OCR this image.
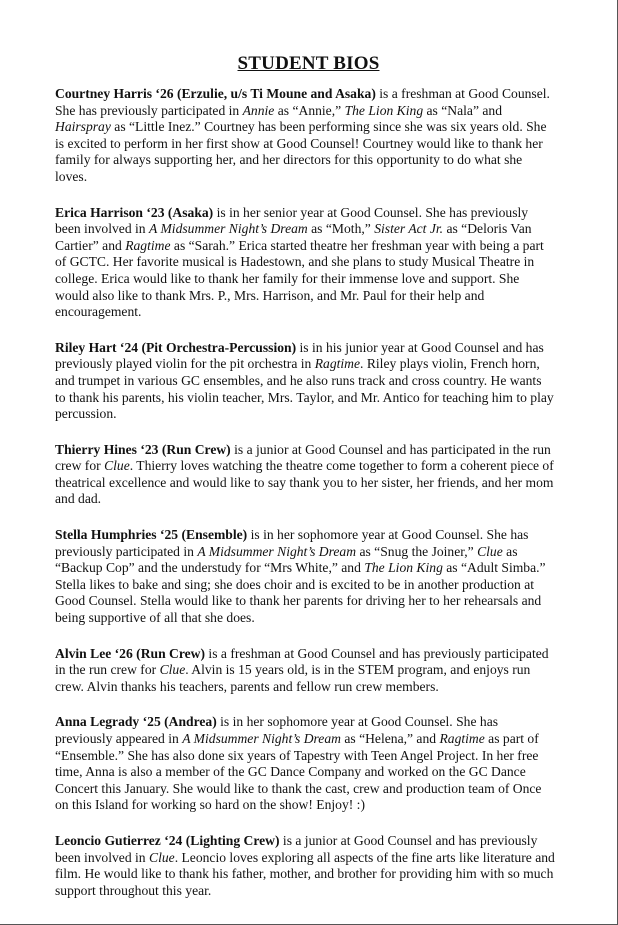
STUDENT BIOS

Courtney Harris ‘26 (Erzulie, u/s Ti Moune and Asaka) is a freshman at Good Counsel. She has previously participated in Annie as “Annie,” The Lion King as “Nala” and Hairspray as “Little Inez.” Courtney has been performing since she was six years old. She is excited to perform in her first show at Good Counsel! Courtney would like to thank her family for always supporting her, and her directors for this opportunity to do what she loves.

Erica Harrison ‘23 (Asaka) is in her senior year at Good Counsel. She has previously been involved in A Midsummer Night’s Dream as “Moth,” Sister Act Jr. as “Deloris Van Cartier” and Ragtime as “Sarah.” Erica started theatre her freshman year with being a part of GCTC. Her favorite musical is Hadestown, and she plans to study Musical Theatre in college. Erica would like to thank her family for their immense love and support. She would also like to thank Mrs. P., Mrs. Harrison, and Mr. Paul for their help and encouragement.

Riley Hart ‘24 (Pit Orchestra-Percussion) is in his junior year at Good Counsel and has previously played violin for the pit orchestra in Ragtime. Riley plays violin, French horn, and trumpet in various GC ensembles, and he also runs track and cross country. He wants to thank his parents, his violin teacher, Mrs. Taylor, and Mr. Antico for teaching him to play percussion.

Thierry Hines ‘23 (Run Crew) is a junior at Good Counsel and has participated in the run crew for Clue. Thierry loves watching the theatre come together to form a coherent piece of theatrical excellence and would like to say thank you to her sister, her friends, and her mom and dad.

Stella Humphries ‘25 (Ensemble) is in her sophomore year at Good Counsel. She has previously participated in A Midsummer Night’s Dream as “Snug the Joiner,” Clue as “Backup Cop” and the understudy for “Mrs White,” and The Lion King as “Adult Simba.” Stella likes to bake and sing; she does choir and is excited to be in another production at Good Counsel. Stella would like to thank her parents for driving her to her rehearsals and being supportive of all that she does.

Alvin Lee ‘26 (Run Crew) is a freshman at Good Counsel and has previously participated in the run crew for Clue. Alvin is 15 years old, is in the STEM program, and enjoys run crew. Alvin thanks his teachers, parents and fellow run crew members.

Anna Legrady ‘25 (Andrea) is in her sophomore year at Good Counsel. She has previously appeared in A Midsummer Night’s Dream as “Helena,” and Ragtime as part of “Ensemble.” She has also done six years of Tapestry with Teen Angel Project. In her free time, Anna is also a member of the GC Dance Company and worked on the GC Dance Concert this January. She would like to thank the cast, crew and production team of Once on this Island for working so hard on the show! Enjoy! :)

Leoncio Gutierrez ‘24 (Lighting Crew) is a junior at Good Counsel and has previously been involved in Clue. Leoncio loves exploring all aspects of the fine arts like literature and film. He would like to thank his father, mother, and brother for providing him with so much support throughout this year.
